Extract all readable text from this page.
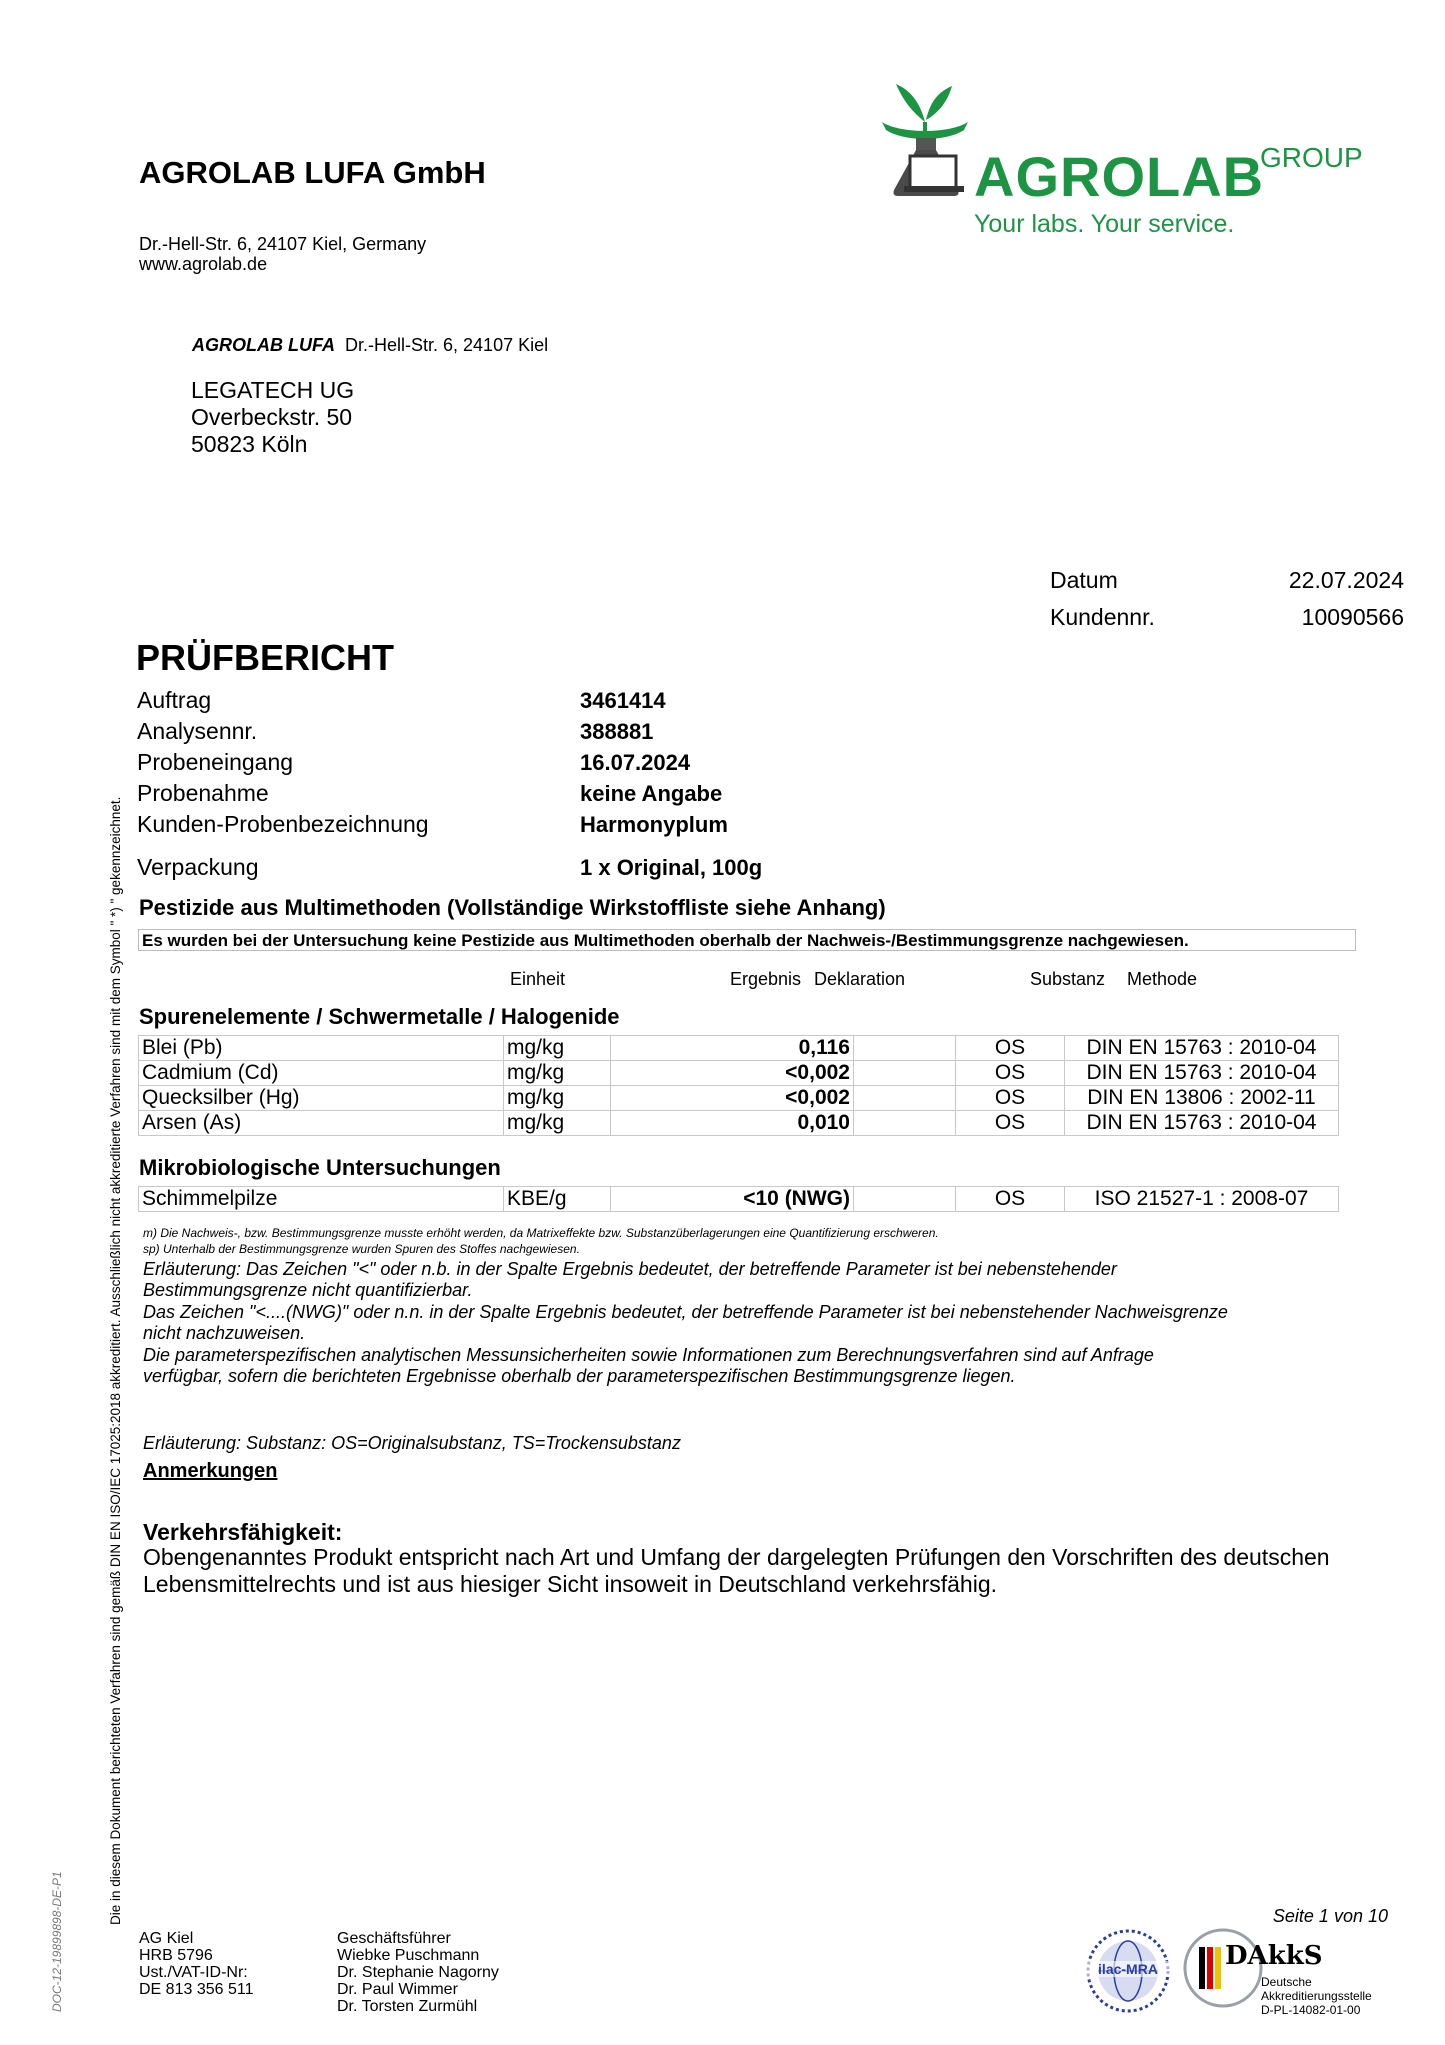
AGROLAB LUFA GmbH
Dr.-Hell-Str. 6, 24107 Kiel, Germany
www.agrolab.de
AGROLAB
GROUP
Your labs. Your service.
AGROLAB LUFA Dr.-Hell-Str. 6, 24107 Kiel
LEGATECH UG
Overbeckstr. 50
50823 Köln
Datum	22.07.2024
Kundennr.	10090566
PRÜFBERICHT
Auftrag	3461414
Analysennr.	388881
Probeneingang	16.07.2024
Probenahme	keine Angabe
Kunden-Probenbezeichnung	Harmonyplum
Verpackung	1 x Original, 100g
Pestizide aus Multimethoden (Vollständige Wirkstoffliste siehe Anhang)
Es wurden bei der Untersuchung keine Pestizide aus Multimethoden oberhalb der Nachweis-/Bestimmungsgrenze nachgewiesen.
Einheit	Ergebnis Deklaration	Substanz Methode
Spurenelemente / Schwermetalle / Halogenide
Blei (Pb)	mg/kg	0,116		OS	DIN EN 15763 : 2010-04
Cadmium (Cd)	mg/kg	<0,002		OS	DIN EN 15763 : 2010-04
Quecksilber (Hg)	mg/kg	<0,002		OS	DIN EN 13806 : 2002-11
Arsen (As)	mg/kg	0,010		OS	DIN EN 15763 : 2010-04
Mikrobiologische Untersuchungen
Schimmelpilze	KBE/g	<10 (NWG)		OS	ISO 21527-1 : 2008-07
m) Die Nachweis-, bzw. Bestimmungsgrenze musste erhöht werden, da Matrixeffekte bzw. Substanzüberlagerungen eine Quantifizierung erschweren.
sp) Unterhalb der Bestimmungsgrenze wurden Spuren des Stoffes nachgewiesen.
Erläuterung: Das Zeichen "<" oder n.b. in der Spalte Ergebnis bedeutet, der betreffende Parameter ist bei nebenstehender
Bestimmungsgrenze nicht quantifizierbar.
Das Zeichen "<....(NWG)" oder n.n. in der Spalte Ergebnis bedeutet, der betreffende Parameter ist bei nebenstehender Nachweisgrenze
nicht nachzuweisen.
Die parameterspezifischen analytischen Messunsicherheiten sowie Informationen zum Berechnungsverfahren sind auf Anfrage
verfügbar, sofern die berichteten Ergebnisse oberhalb der parameterspezifischen Bestimmungsgrenze liegen.
Erläuterung: Substanz: OS=Originalsubstanz, TS=Trockensubstanz
Anmerkungen
Verkehrsfähigkeit:
Obengenanntes Produkt entspricht nach Art und Umfang der dargelegten Prüfungen den Vorschriften des deutschen Lebensmittelrechts und ist aus hiesiger Sicht insoweit in Deutschland verkehrsfähig.
Die in diesem Dokument berichteten Verfahren sind gemäß DIN EN ISO/IEC 17025:2018 akkreditiert. Ausschließlich nicht akkreditierte Verfahren sind mit dem Symbol " *) " gekennzeichnet.
DOC-12-19899898-DE-P1	Seite 1 von 10
AG Kiel
HRB 5796
Ust./VAT-ID-Nr:
DE 813 356 511
Geschäftsführer
Wiebke Puschmann
Dr. Stephanie Nagorny
Dr. Paul Wimmer
Dr. Torsten Zurmühl
ilac-MRA	DAkkS
Deutsche
Akkreditierungsstelle
D-PL-14082-01-00
